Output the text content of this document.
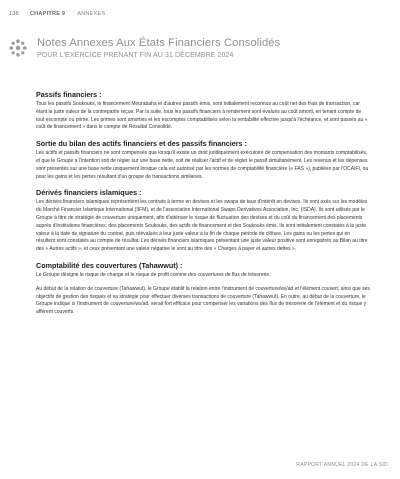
136 CHAPITRE 9 ANNEXES
Notes Annexes Aux États Financiers Consolidés
POUR L'EXERCICE PRENANT FIN AU 31 DÉCEMBRE 2024
Passifs financiers :

Tous les passifs Soukouks, le financement Mourabaha et d'autres passifs émis, sont initialement reconnus au coût net des frais de transaction, car étant la juste valeur de la contrepartie reçue. Par la suite, tous les passifs financiers à rendement sont évalués au coût amorti, en tenant compte de tout escompte ou prime. Les primes sont amorties et les escomptes comptabilisés selon la rentabilité effective jusqu'à l'échéance, et sont passés au « coût de financement » dans le compte de Résultat Consolidé.

Sortie du bilan des actifs financiers et des passifs financiers :

Les actifs et passifs financiers ne sont compensés que lorsqu'il existe un droit juridiquement exécutoire de compensation des montants comptabilisés, et que le Groupe a l'intention soit de régler sur une base nette, soit de réaliser l'actif et de régler le passif simultanément. Les revenus et les dépenses sont présentés sur une base nette uniquement lorsque cela est autorisé par les normes de comptabilité financière (« FAS »), publiées par l'OCAIFI, ou pour les gains et les pertes résultant d'un groupe de transactions similaires.

Dérivés financiers islamiques :

Les dérivés financiers islamiques représentent les contrats à terme en devises et les swaps de taux d'intérêt en devises. Ils sont axés sur les modèles du Marché Financier Islamique International (IIFM), et de l'association International Swaps Derivatives Association, Inc. (ISDA). Ils sont utilisés par le Groupe à titre de stratégie de couverture uniquement, afin d'atténuer le risque de fluctuation des devises et du coût du financement des placements auprès d'institutions financières, des placements Soukouks, des actifs de financement et des Soukouks émis. Ils sont initialement constatés à la juste valeur à la date de signature du contrat, puis réévalués à leur juste valeur à la fin de chaque période de clôture. Les gains ou les pertes qui en résultent sont constatés au compte de résultat. Les dérivés financiers islamiques présentant une juste valeur positive sont enregistrés au Bilan au titre des « Autres actifs », et ceux présentant une valeur négative le sont au titre des « Charges à payer et autres dettes ».

Comptabilité des couvertures (Tahawwut) :

Le Groupe désigne le risque de change et le risque de profit comme des couvertures de flux de trésorerie.

Au début de la relation de couverture (Tahawwut), le Groupe établit la relation entre l'instrument de couverture/wa'ad et l'élément couvert, ainsi que ses objectifs de gestion des risques et sa stratégie pour effectuer diverses transactions de couverture (Tahawwut). En outre, au début de la couverture, le Groupe indique si l'instrument de couverture/wa'ad, serait fort efficace pour compenser les variations des flux de trésorerie de l'élément et du risque y afférent couverts.

RAPPORT ANNUEL 2024 DE LA SID
